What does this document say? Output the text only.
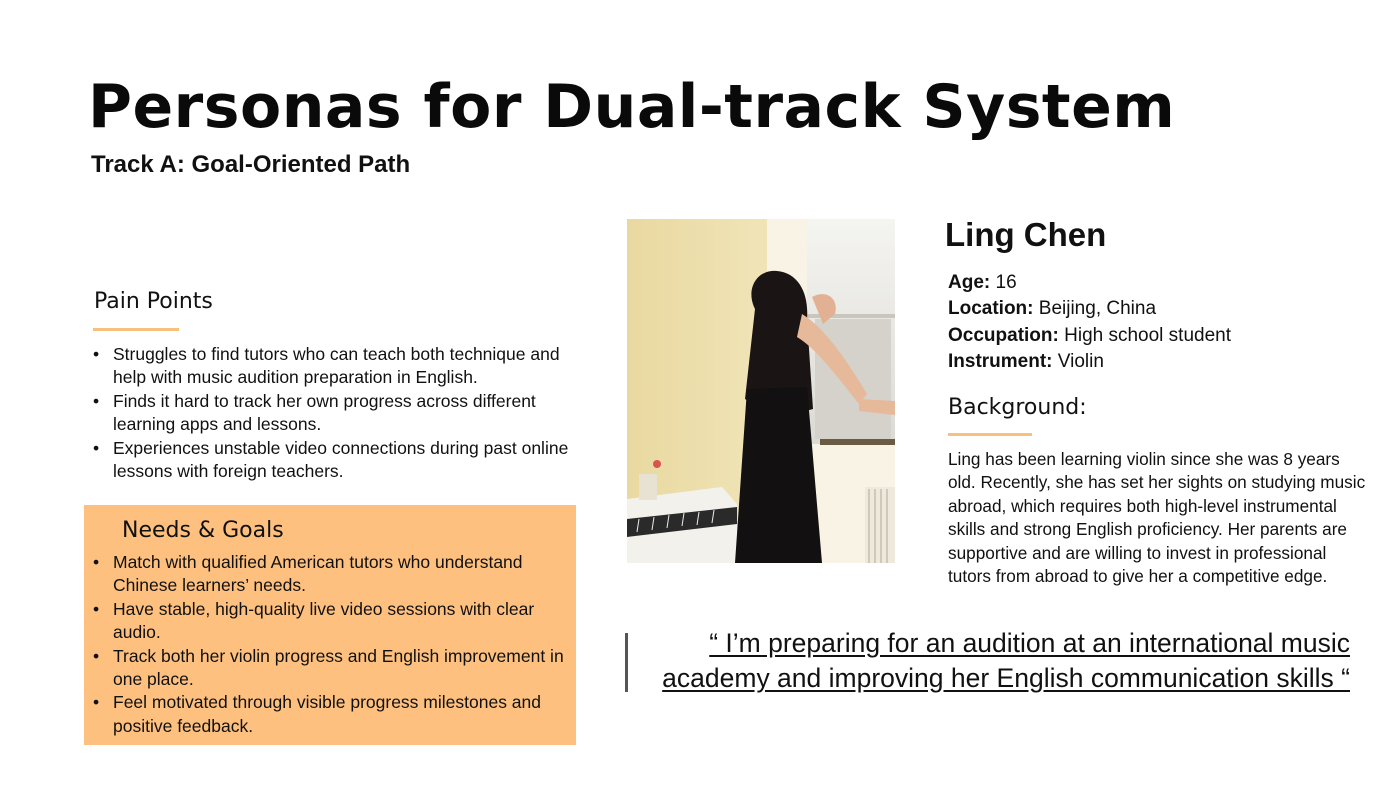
Personas for Dual-track System
Track A: Goal-Oriented Path
Pain Points
• Struggles to find tutors who can teach both technique and help with music audition preparation in English.
• Finds it hard to track her own progress across different learning apps and lessons.
• Experiences unstable video connections during past online lessons with foreign teachers.
Needs & Goals
• Match with qualified American tutors who understand Chinese learners’ needs.
• Have stable, high-quality live video sessions with clear audio.
• Track both her violin progress and English improvement in one place.
• Feel motivated through visible progress milestones and positive feedback.
Ling Chen
Age: 16
Location: Beijing, China
Occupation: High school student
Instrument: Violin
Background:
Ling has been learning violin since she was 8 years old. Recently, she has set her sights on studying music abroad, which requires both high-level instrumental skills and strong English proficiency. Her parents are supportive and are willing to invest in professional tutors from abroad to give her a competitive edge.
“ I’m preparing for an audition at an international music academy and improving her English communication skills “
